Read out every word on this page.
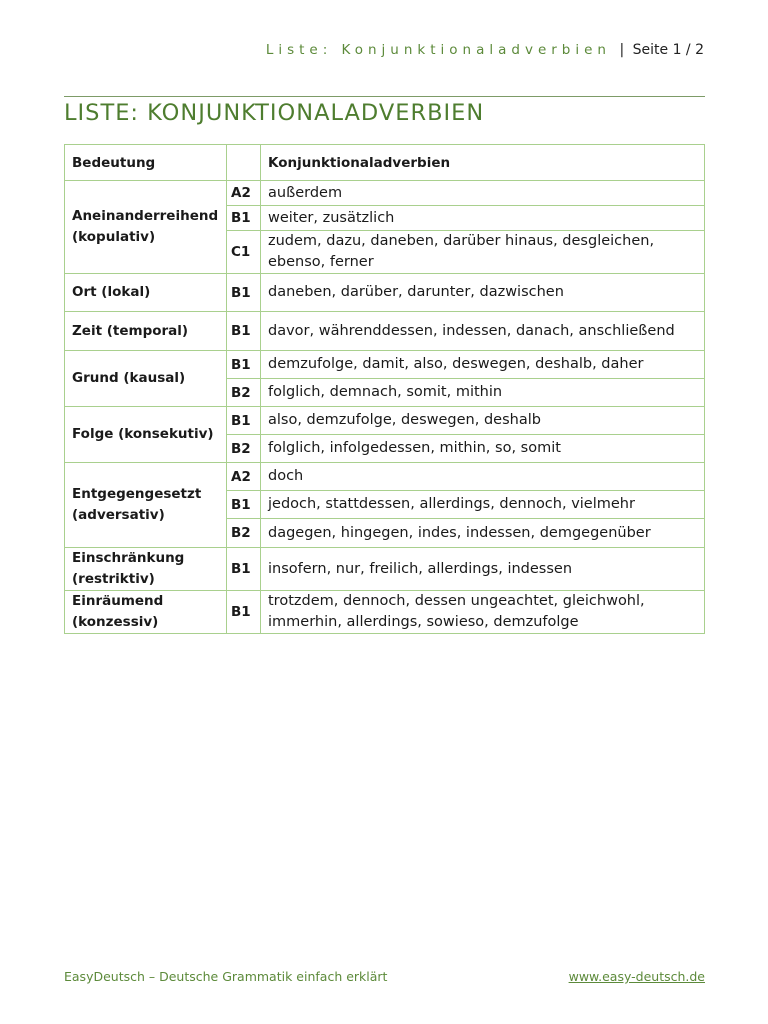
Liste: Konjunktionaladverbien | Seite 1 / 2
LISTE: KONJUNKTIONALADVERBIEN
Bedeutung		Konjunktionaladverbien
Aneinanderreihend
(kopulativ)	A2	außerdem
	B1	weiter, zusätzlich
	C1	zudem, dazu, daneben, darüber hinaus, desgleichen, ebenso, ferner
Ort (lokal)	B1	daneben, darüber, darunter, dazwischen
Zeit (temporal)	B1	davor, währenddessen, indessen, danach, anschließend
Grund (kausal)	B1	demzufolge, damit, also, deswegen, deshalb, daher
	B2	folglich, demnach, somit, mithin
Folge (konsekutiv)	B1	also, demzufolge, deswegen, deshalb
	B2	folglich, infolgedessen, mithin, so, somit
Entgegengesetzt
(adversativ)	A2	doch
	B1	jedoch, stattdessen, allerdings, dennoch, vielmehr
	B2	dagegen, hingegen, indes, indessen, demgegenüber
Einschränkung
(restriktiv)	B1	insofern, nur, freilich, allerdings, indessen
Einräumend
(konzessiv)	B1	trotzdem, dennoch, dessen ungeachtet, gleichwohl, immerhin, allerdings, sowieso, demzufolge
EasyDeutsch – Deutsche Grammatik einfach erklärt	www.easy-deutsch.de
